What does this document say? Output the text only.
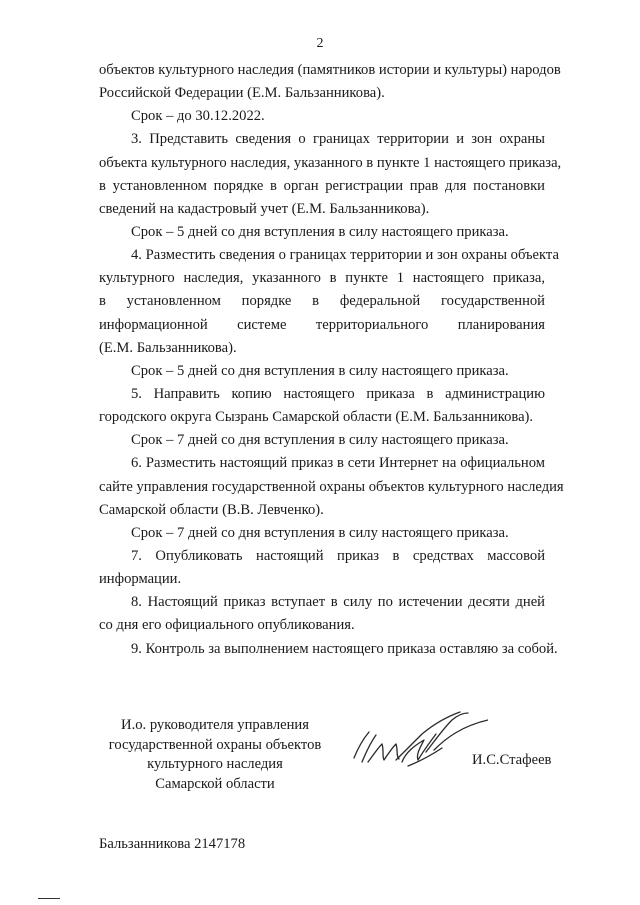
2
объектов культурного наследия (памятников истории и культуры) народов
Российской Федерации (Е.М. Бальзанникова).
Срок – до 30.12.2022.
3. Представить сведения о границах территории и зон охраны
объекта культурного наследия, указанного в пункте 1 настоящего приказа,
в установленном порядке в орган регистрации прав для постановки
сведений на кадастровый учет (Е.М. Бальзанникова).
Срок – 5 дней со дня вступления в силу настоящего приказа.
4. Разместить сведения о границах территории и зон охраны объекта
культурного наследия, указанного в пункте 1 настоящего приказа,
в установленном порядке в федеральной государственной
информационной системе территориального планирования
(Е.М. Бальзанникова).
Срок – 5 дней со дня вступления в силу настоящего приказа.
5. Направить копию настоящего приказа в администрацию
городского округа Сызрань Самарской области (Е.М. Бальзанникова).
Срок – 7 дней со дня вступления в силу настоящего приказа.
6. Разместить настоящий приказ в сети Интернет на официальном
сайте управления государственной охраны объектов культурного наследия
Самарской области (В.В. Левченко).
Срок – 7 дней со дня вступления в силу настоящего приказа.
7. Опубликовать настоящий приказ в средствах массовой
информации.
8. Настоящий приказ вступает в силу по истечении десяти дней
со дня его официального опубликования.
9. Контроль за выполнением настоящего приказа оставляю за собой.
И.о. руководителя управления
государственной охраны объектов
культурного наследия
Самарской области
И.С.Стафеев
Бальзанникова 2147178
